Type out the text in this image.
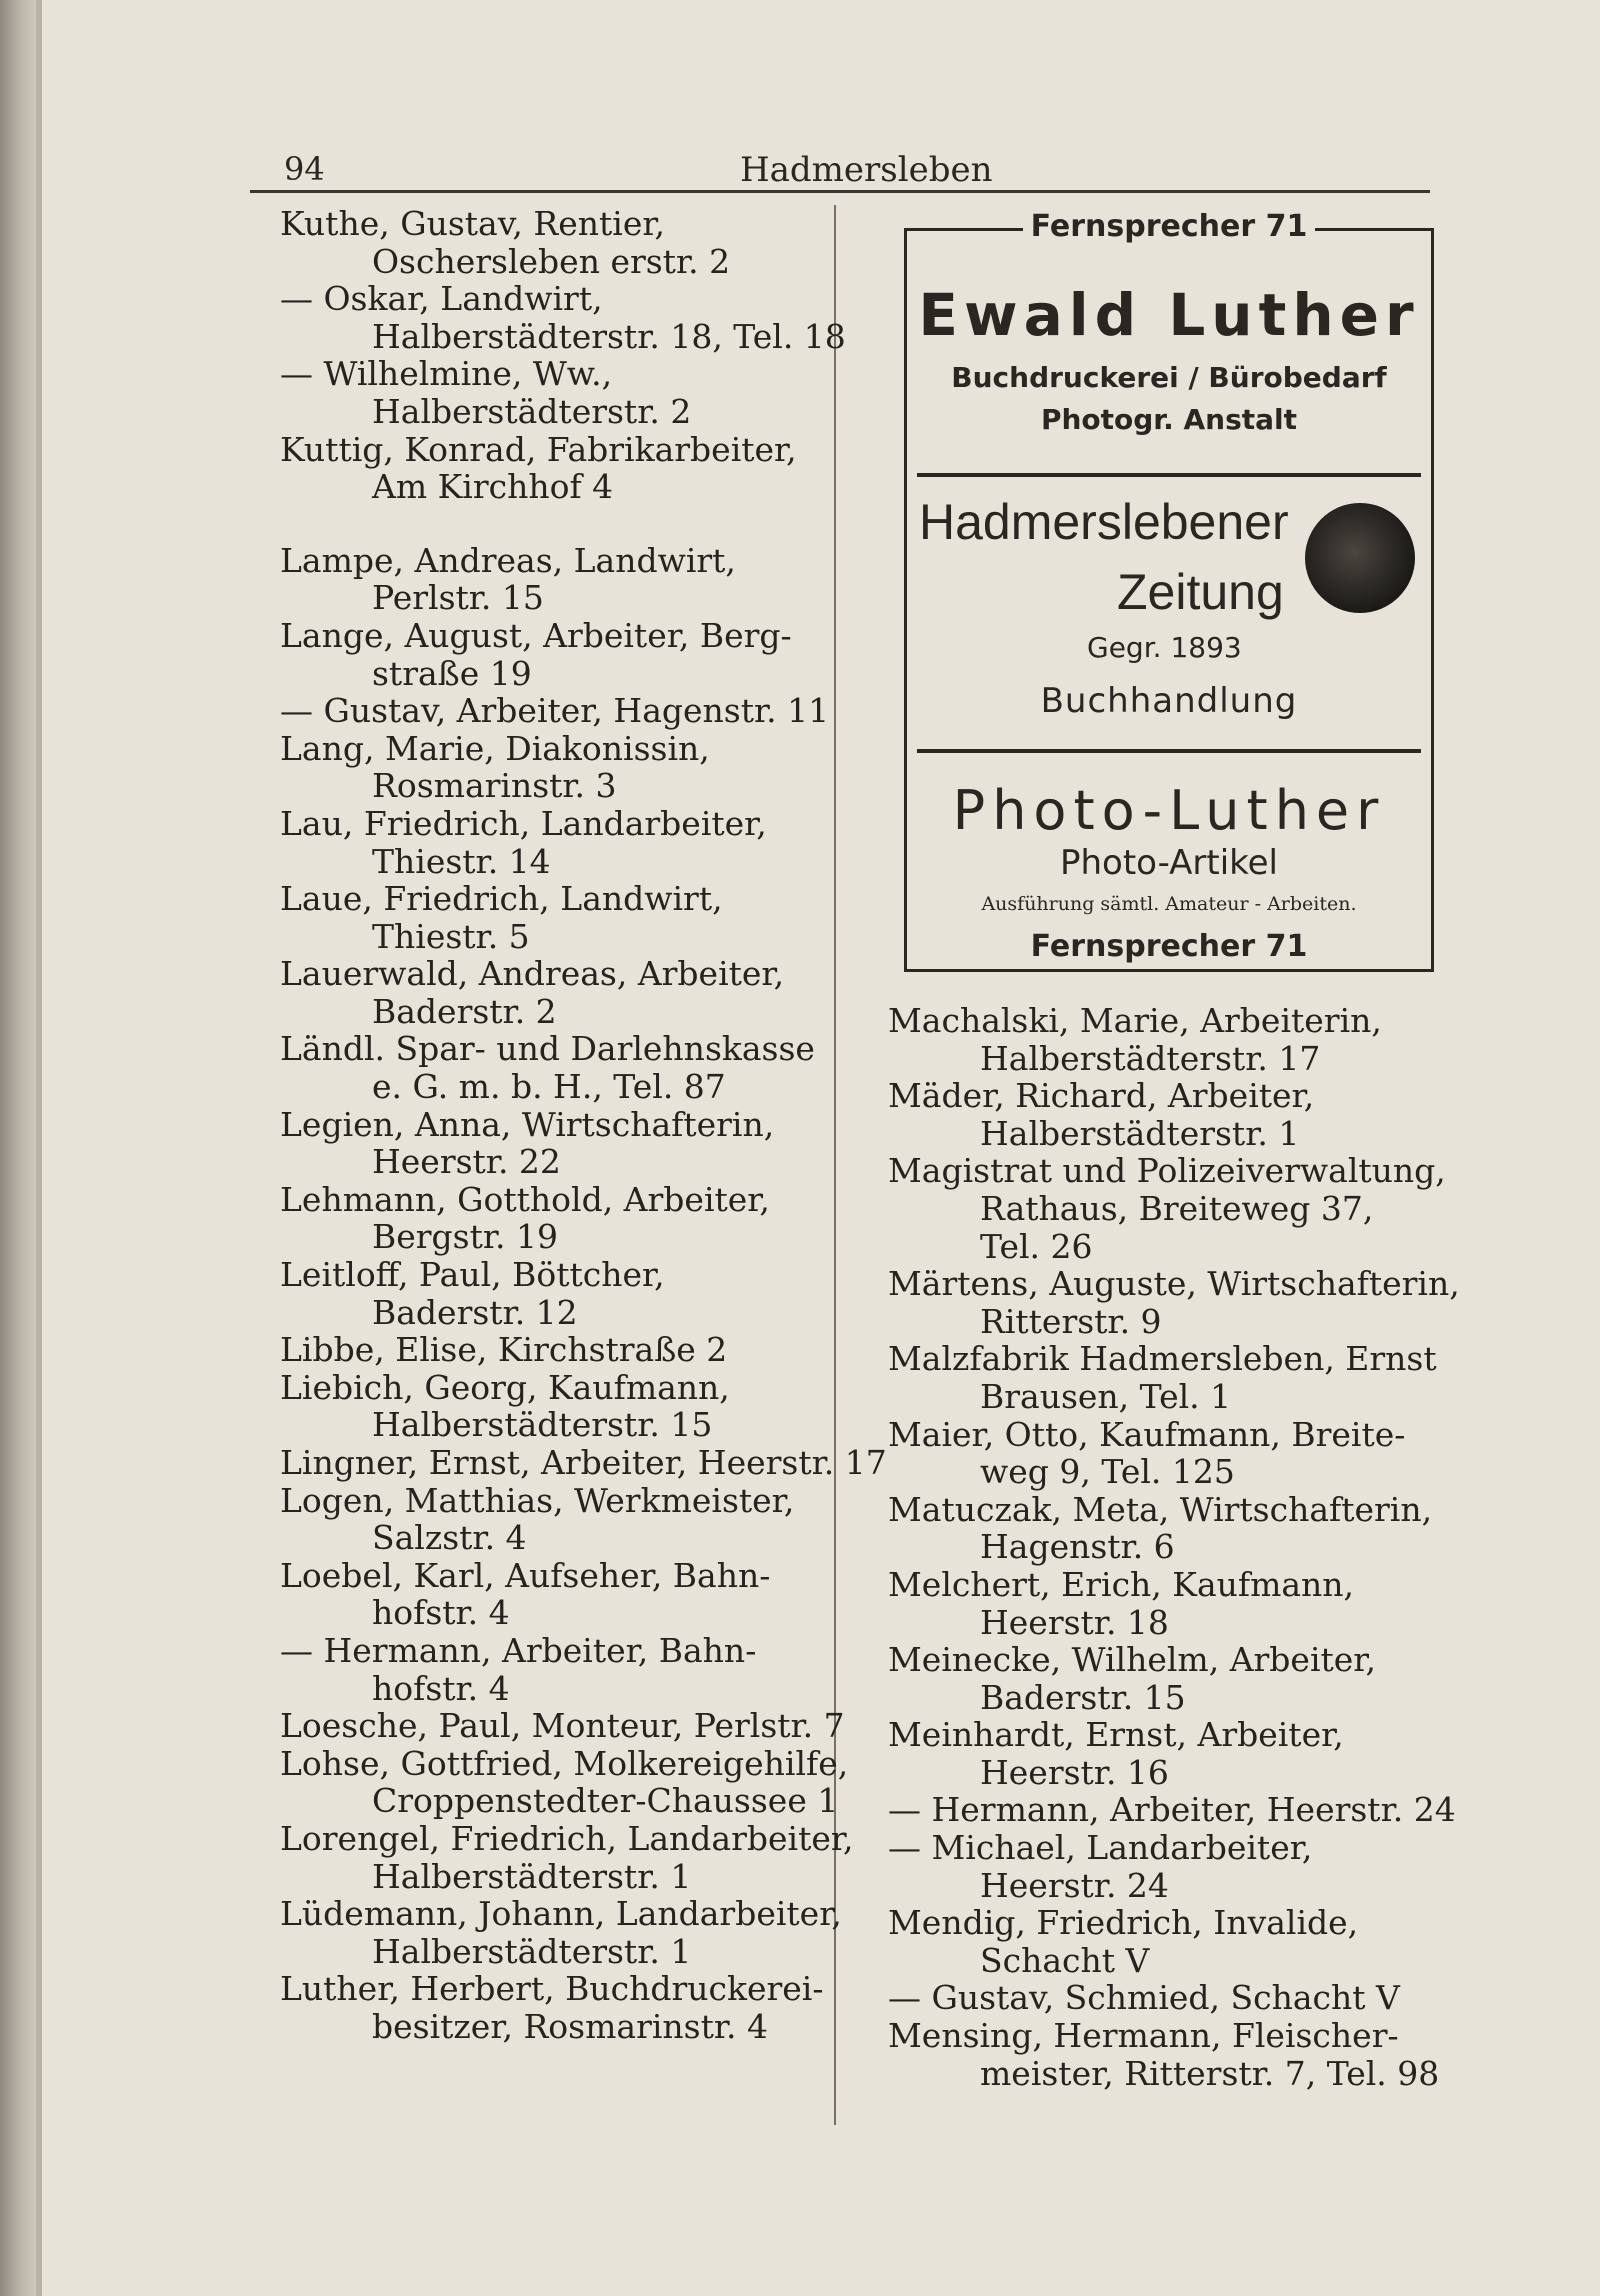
94	Hadmersleben
Kuthe, Gustav, Rentier,
Oschersleben erstr. 2
— Oskar, Landwirt,
Halberstädterstr. 18, Tel. 18
— Wilhelmine, Ww.,
Halberstädterstr. 2
Kuttig, Konrad, Fabrikarbeiter,
Am Kirchhof 4
Lampe, Andreas, Landwirt,
Perlstr. 15
Lange, August, Arbeiter, Berg-
straße 19
— Gustav, Arbeiter, Hagenstr. 11
Lang, Marie, Diakonissin,
Rosmarinstr. 3
Lau, Friedrich, Landarbeiter,
Thiestr. 14
Laue, Friedrich, Landwirt,
Thiestr. 5
Lauerwald, Andreas, Arbeiter,
Baderstr. 2
Ländl. Spar- und Darlehnskasse
e. G. m. b. H., Tel. 87
Legien, Anna, Wirtschafterin,
Heerstr. 22
Lehmann, Gotthold, Arbeiter,
Bergstr. 19
Leitloff, Paul, Böttcher,
Baderstr. 12
Libbe, Elise, Kirchstraße 2
Liebich, Georg, Kaufmann,
Halberstädterstr. 15
Lingner, Ernst, Arbeiter, Heerstr. 17
Logen, Matthias, Werkmeister,
Salzstr. 4
Loebel, Karl, Aufseher, Bahn-
hofstr. 4
— Hermann, Arbeiter, Bahn-
hofstr. 4
Loesche, Paul, Monteur, Perlstr. 7
Lohse, Gottfried, Molkereigehilfe,
Croppenstedter-Chaussee 1
Lorengel, Friedrich, Landarbeiter,
Halberstädterstr. 1
Lüdemann, Johann, Landarbeiter,
Halberstädterstr. 1
Luther, Herbert, Buchdruckerei-
besitzer, Rosmarinstr. 4
Fernsprecher 71
Ewald Luther
Buchdruckerei / Bürobedarf
Photogr. Anstalt
Hadmerslebener
Zeitung
Gegr. 1893
Buchhandlung
Photo-Luther
Photo-Artikel
Ausführung sämtl. Amateur - Arbeiten.
Fernsprecher 71
Machalski, Marie, Arbeiterin,
Halberstädterstr. 17
Mäder, Richard, Arbeiter,
Halberstädterstr. 1
Magistrat und Polizeiverwaltung,
Rathaus, Breiteweg 37,
Tel. 26
Märtens, Auguste, Wirtschafterin,
Ritterstr. 9
Malzfabrik Hadmersleben, Ernst
Brausen, Tel. 1
Maier, Otto, Kaufmann, Breite-
weg 9, Tel. 125
Matuczak, Meta, Wirtschafterin,
Hagenstr. 6
Melchert, Erich, Kaufmann,
Heerstr. 18
Meinecke, Wilhelm, Arbeiter,
Baderstr. 15
Meinhardt, Ernst, Arbeiter,
Heerstr. 16
— Hermann, Arbeiter, Heerstr. 24
— Michael, Landarbeiter,
Heerstr. 24
Mendig, Friedrich, Invalide,
Schacht V
— Gustav, Schmied, Schacht V
Mensing, Hermann, Fleischer-
meister, Ritterstr. 7, Tel. 98
